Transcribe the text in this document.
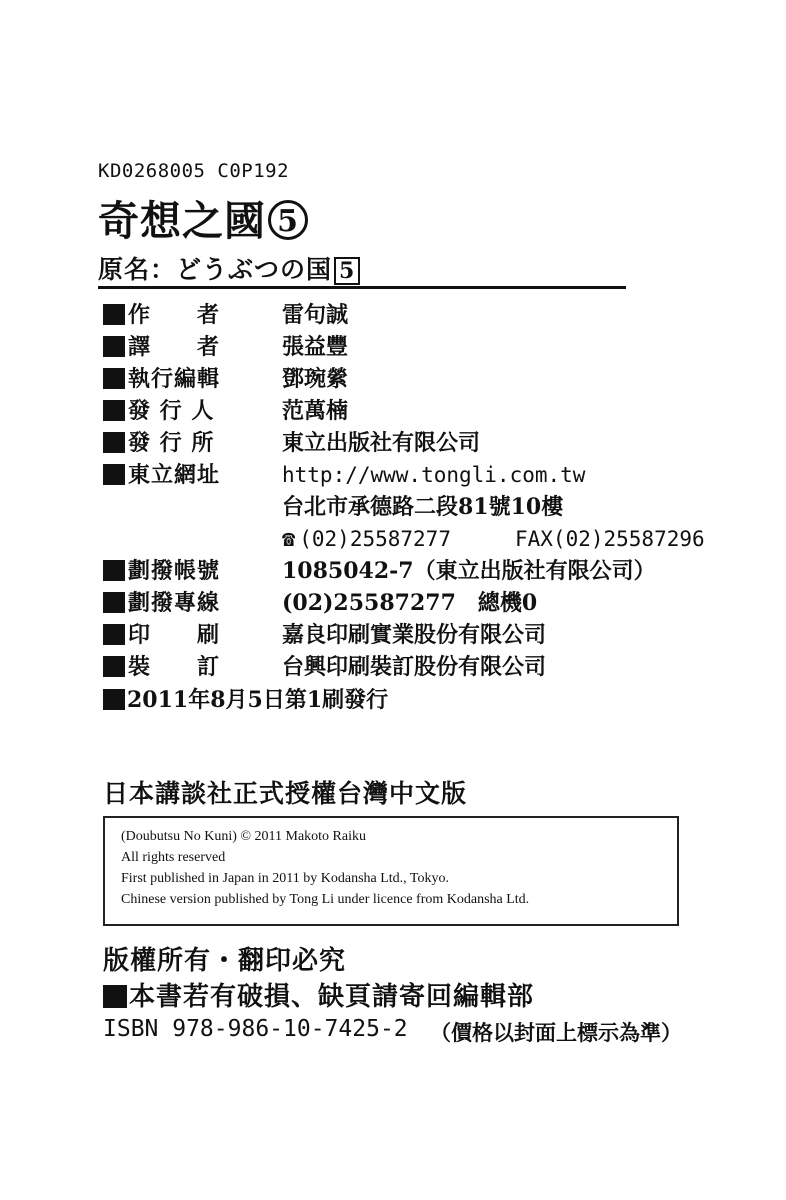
KD0268005 C0P192
奇想之國 5
原名：どうぶつの国 5
作　　者	雷句誠
譯　　者	張益豐
執行編輯	鄧琬縈
發 行 人	范萬楠
發 行 所	東立出版社有限公司
東立網址	http://www.tongli.com.tw
台北市承德路二段81號10樓
☎ (02)25587277	FAX(02)25587296
劃撥帳號	1085042-7（東立出版社有限公司）
劃撥專線	(02)25587277　總機0
印　　刷	嘉良印刷實業股份有限公司
裝　　訂	台興印刷裝訂股份有限公司
2011年8月5日第1刷發行
日本講談社正式授權台灣中文版
(Doubutsu No Kuni) © 2011 Makoto Raiku
All rights reserved
First published in Japan in 2011 by Kodansha Ltd., Tokyo.
Chinese version published by Tong Li under licence from Kodansha Ltd.
版權所有・翻印必究
本書若有破損、缺頁請寄回編輯部
ISBN 978-986-10-7425-2 （價格以封面上標示為準）
